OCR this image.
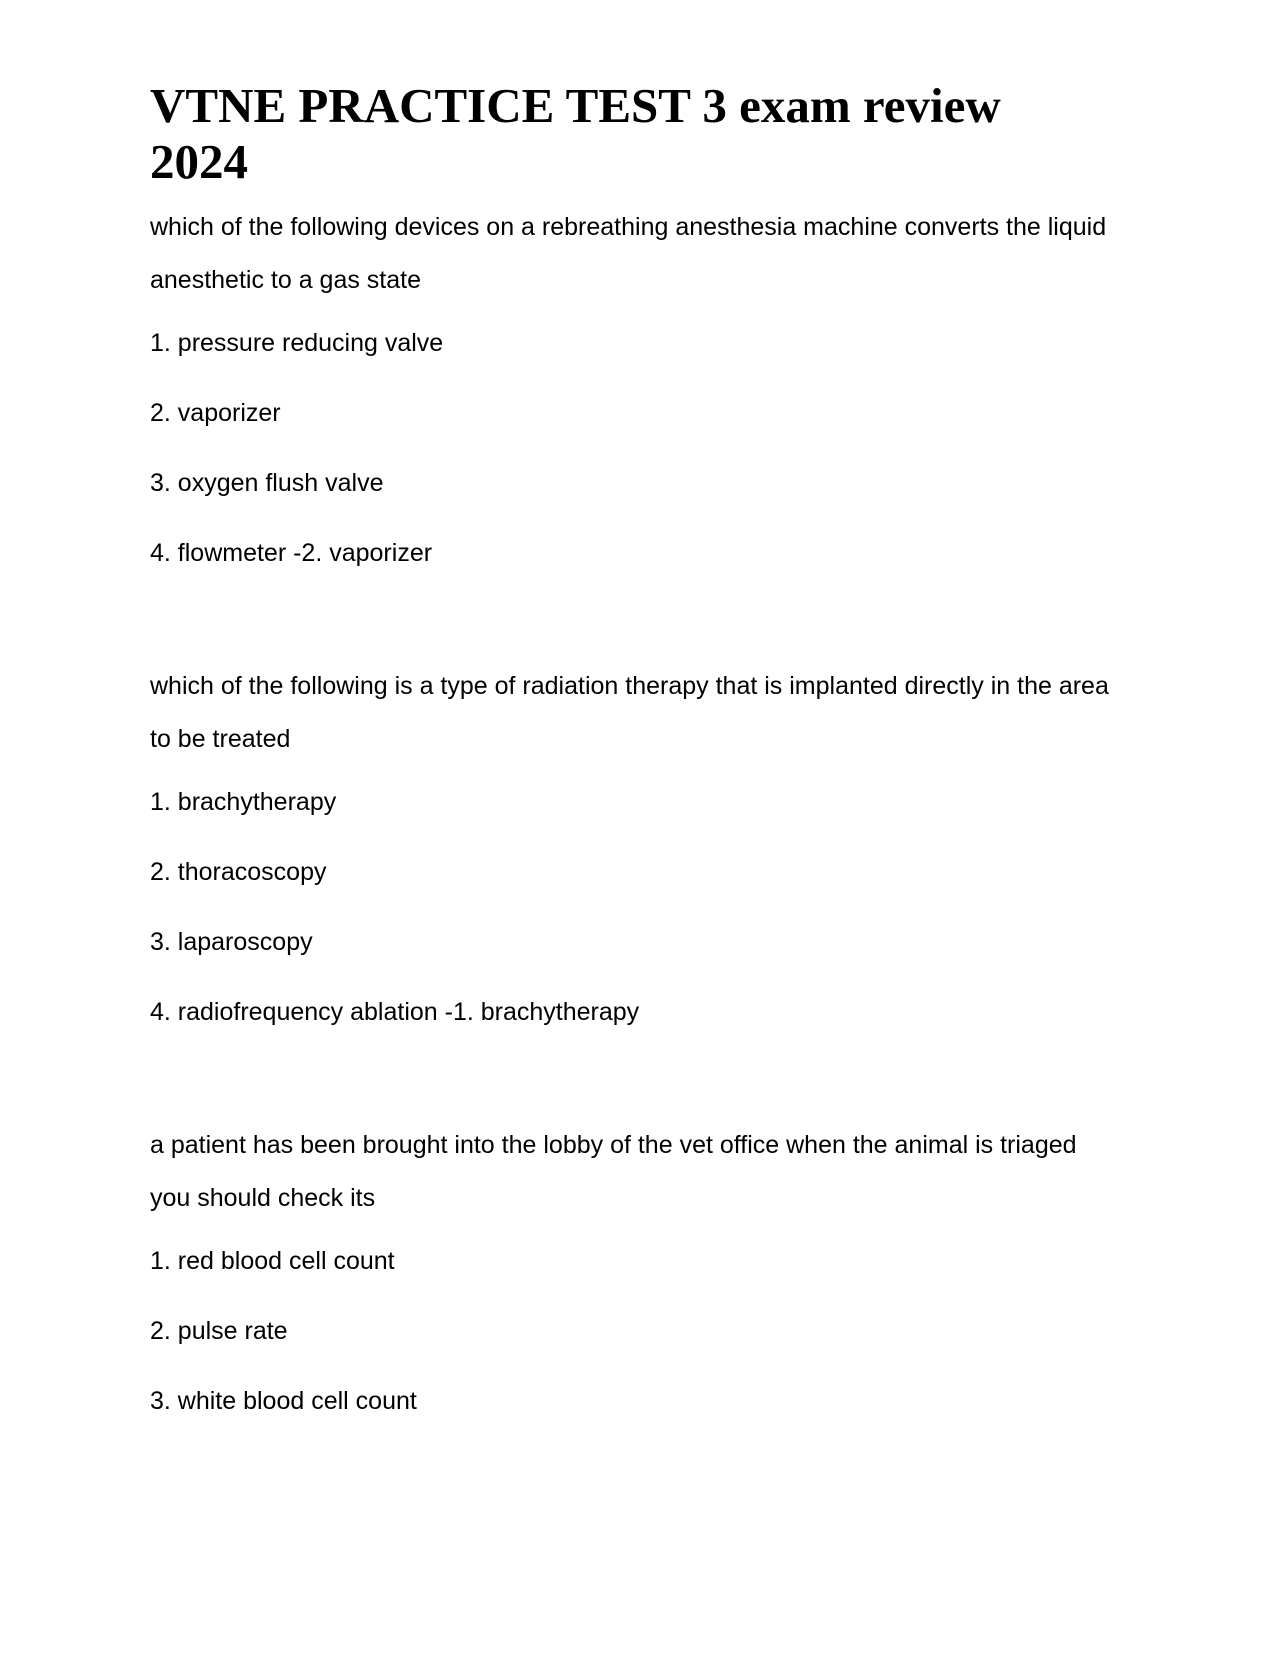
VTNE PRACTICE TEST 3 exam review 2024

which of the following devices on a rebreathing anesthesia machine converts the liquid anesthetic to a gas state

1. pressure reducing valve

2. vaporizer

3. oxygen flush valve

4. flowmeter -2. vaporizer

which of the following is a type of radiation therapy that is implanted directly in the area to be treated

1. brachytherapy

2. thoracoscopy

3. laparoscopy

4. radiofrequency ablation -1. brachytherapy

a patient has been brought into the lobby of the vet office when the animal is triaged you should check its

1. red blood cell count

2. pulse rate

3. white blood cell count
